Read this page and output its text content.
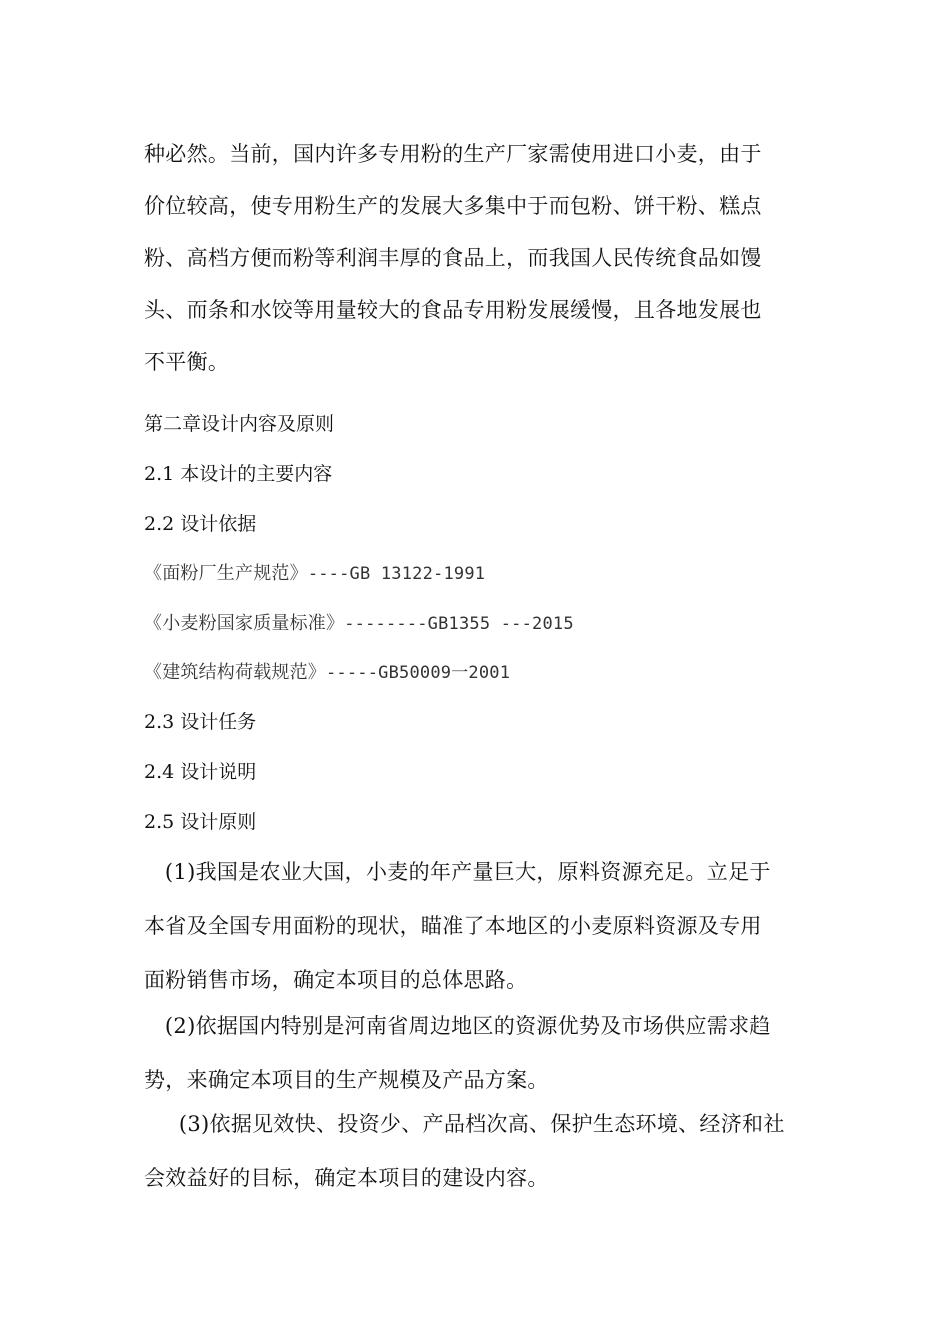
种必然。当前，国内许多专用粉的生产厂家需使用进口小麦，由于
价位较高，使专用粉生产的发展大多集中于而包粉、饼干粉、糕点
粉、高档方便而粉等利润丰厚的食品上，而我国人民传统食品如馒
头、而条和水饺等用量较大的食品专用粉发展缓慢，且各地发展也
不平衡。
第二章设计内容及原则
2.1 本设计的主要内容
2.2 设计依据
《面粉厂生产规范》----GB 13122-1991
《小麦粉国家质量标准》--------GB1355 ---2015
《建筑结构荷载规范》-----GB50009一2001
2.3 设计任务
2.4 设计说明
2.5 设计原则
(1)我国是农业大国，小麦的年产量巨大，原料资源充足。立足于
本省及全国专用面粉的现状，瞄准了本地区的小麦原料资源及专用
面粉销售市场，确定本项目的总体思路。
(2)依据国内特别是河南省周边地区的资源优势及市场供应需求趋
势，来确定本项目的生产规模及产品方案。
(3)依据见效快、投资少、产品档次高、保护生态环境、经济和社
会效益好的目标，确定本项目的建设内容。
